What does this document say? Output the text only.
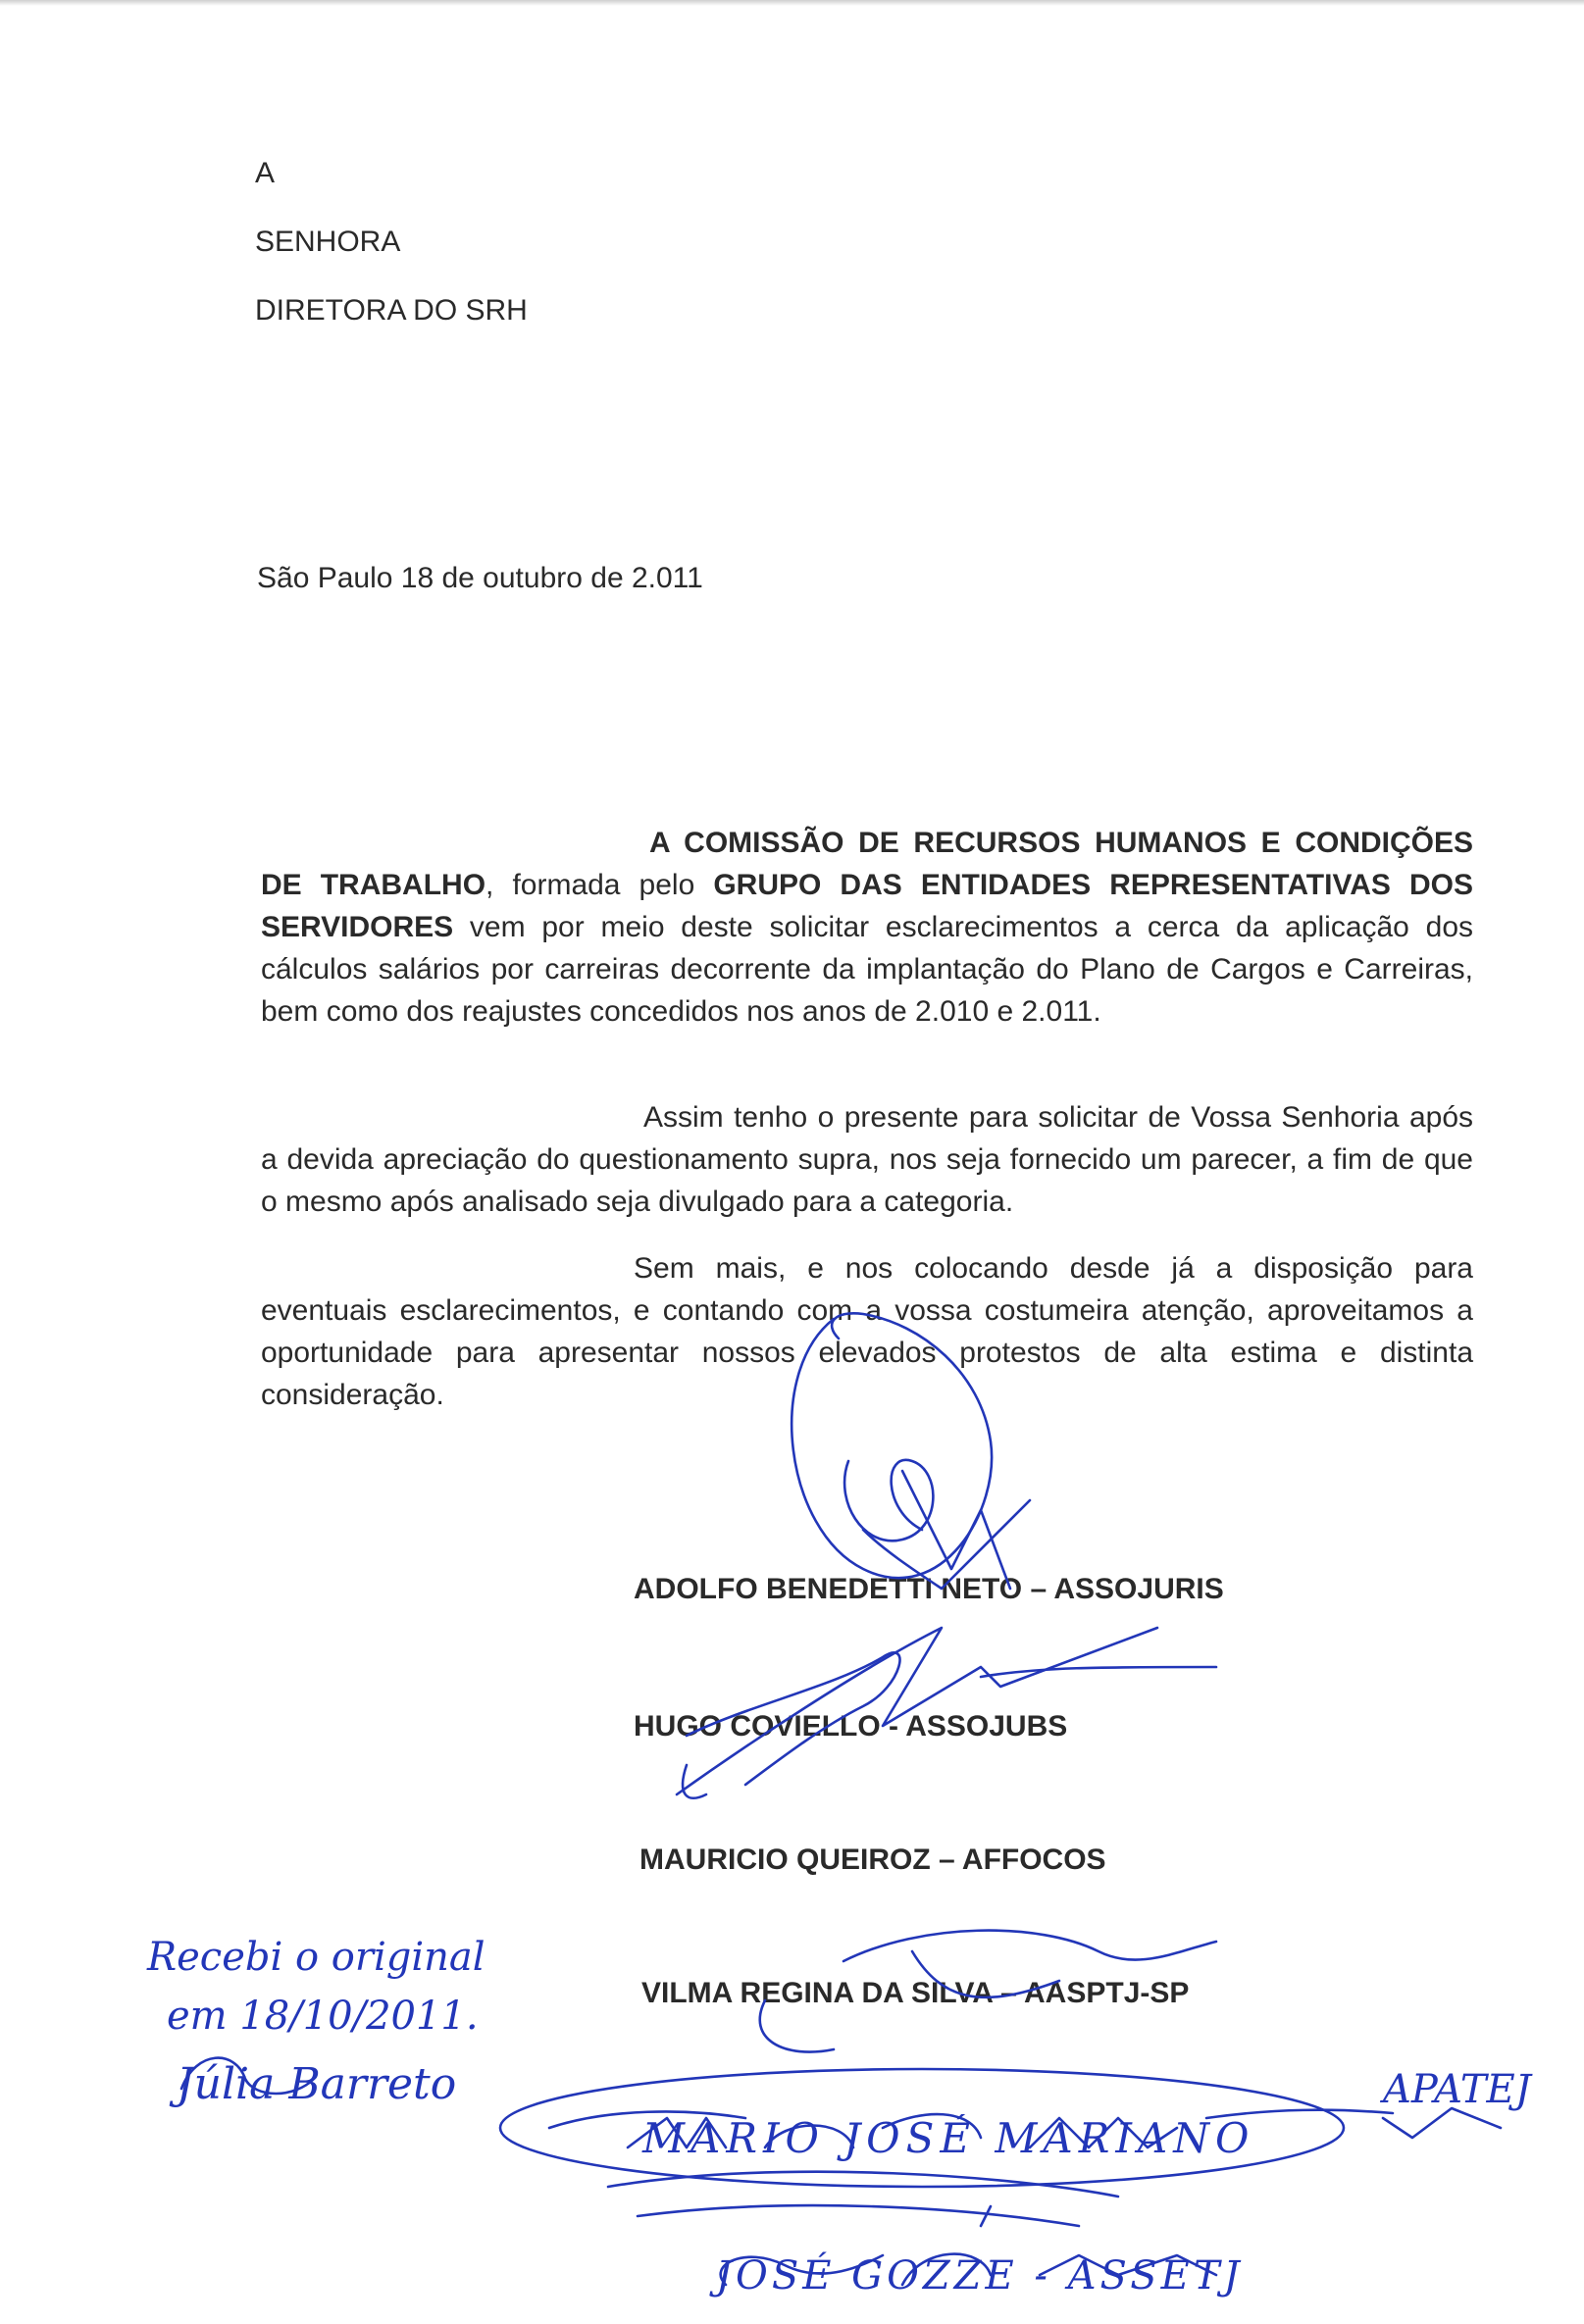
A
SENHORA
DIRETORA DO SRH
São Paulo 18 de outubro de 2.011
A COMISSÃO DE RECURSOS HUMANOS E CONDIÇÕES DE TRABALHO, formada pelo GRUPO DAS ENTIDADES REPRESENTATIVAS DOS SERVIDORES vem por meio deste solicitar esclarecimentos a cerca da aplicação dos cálculos salários por carreiras decorrente da implantação do Plano de Cargos e Carreiras, bem como dos reajustes concedidos nos anos de 2.010 e 2.011.
Assim tenho o presente para solicitar de Vossa Senhoria após a devida apreciação do questionamento supra, nos seja fornecido um parecer, a fim de que o mesmo após analisado seja divulgado para a categoria.
Sem mais, e nos colocando desde já a disposição para eventuais esclarecimentos, e contando com a vossa costumeira atenção, aproveitamos a oportunidade para apresentar nossos elevados protestos de alta estima e distinta consideração.
ADOLFO BENEDETTI NETO – ASSOJURIS
HUGO COVIELLO - ASSOJUBS
MAURICIO QUEIROZ – AFFOCOS
VILMA REGINA DA SILVA – AASPTJ-SP
Recebi o original
em 18/10/2011.
Júlia Barreto
MARIO JOSÉ MARIANO
APATEJ
JOSÉ GOZZE - ASSETJ
